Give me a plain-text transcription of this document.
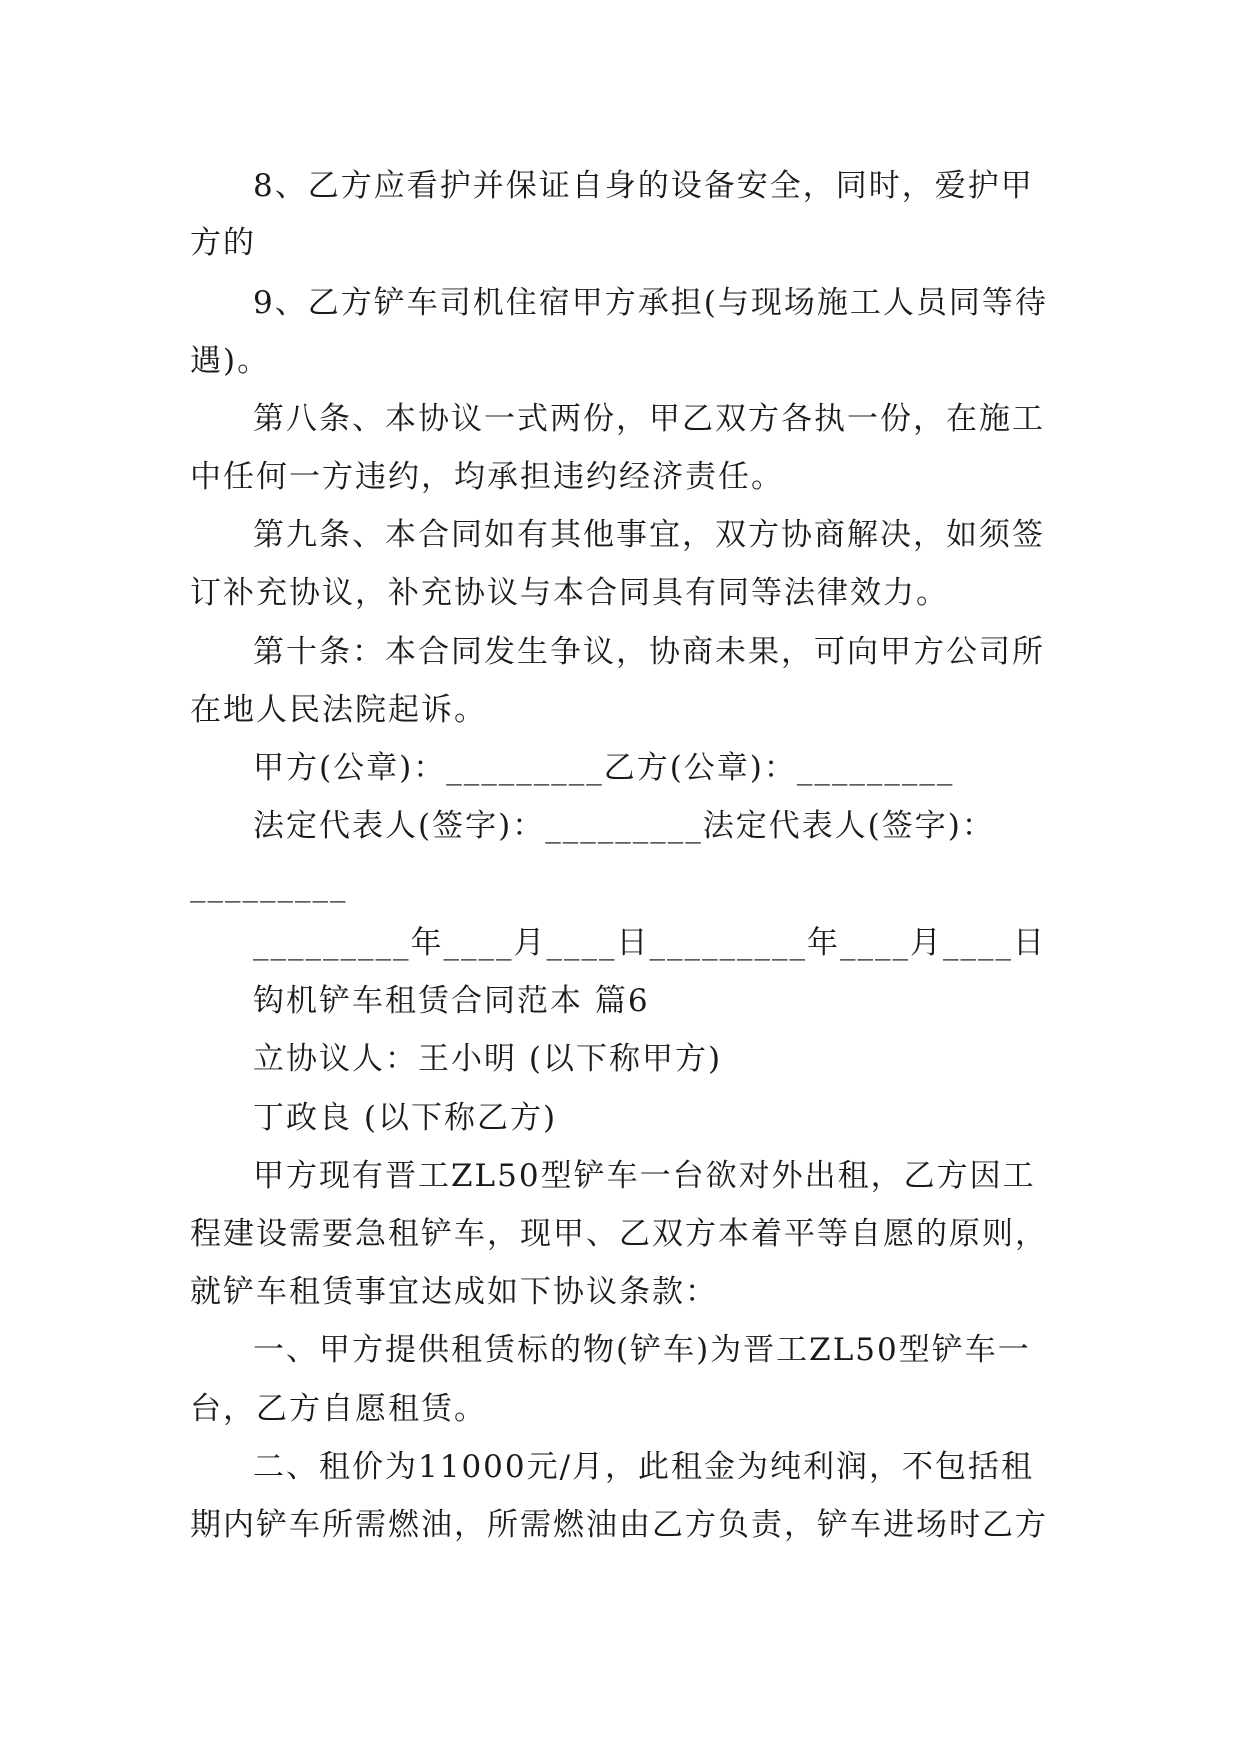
8、乙方应看护并保证自身的设备安全，同时，爱护甲
方的
9、乙方铲车司机住宿甲方承担(与现场施工人员同等待
遇)。
第八条、本协议一式两份，甲乙双方各执一份，在施工
中任何一方违约，均承担违约经济责任。
第九条、本合同如有其他事宜，双方协商解决，如须签
订补充协议，补充协议与本合同具有同等法律效力。
第十条：本合同发生争议，协商未果，可向甲方公司所
在地人民法院起诉。
甲方(公章)：_________乙方(公章)：_________
法定代表人(签字)：_________法定代表人(签字)：
_________
_________年____月____日_________年____月____日
钩机铲车租赁合同范本 篇6
立协议人：王小明 (以下称甲方)
丁政良 (以下称乙方)
甲方现有晋工ZL50型铲车一台欲对外出租，乙方因工
程建设需要急租铲车，现甲、乙双方本着平等自愿的原则，
就铲车租赁事宜达成如下协议条款：
一、甲方提供租赁标的物(铲车)为晋工ZL50型铲车一
台，乙方自愿租赁。
二、租价为11000元/月，此租金为纯利润，不包括租
期内铲车所需燃油，所需燃油由乙方负责，铲车进场时乙方
